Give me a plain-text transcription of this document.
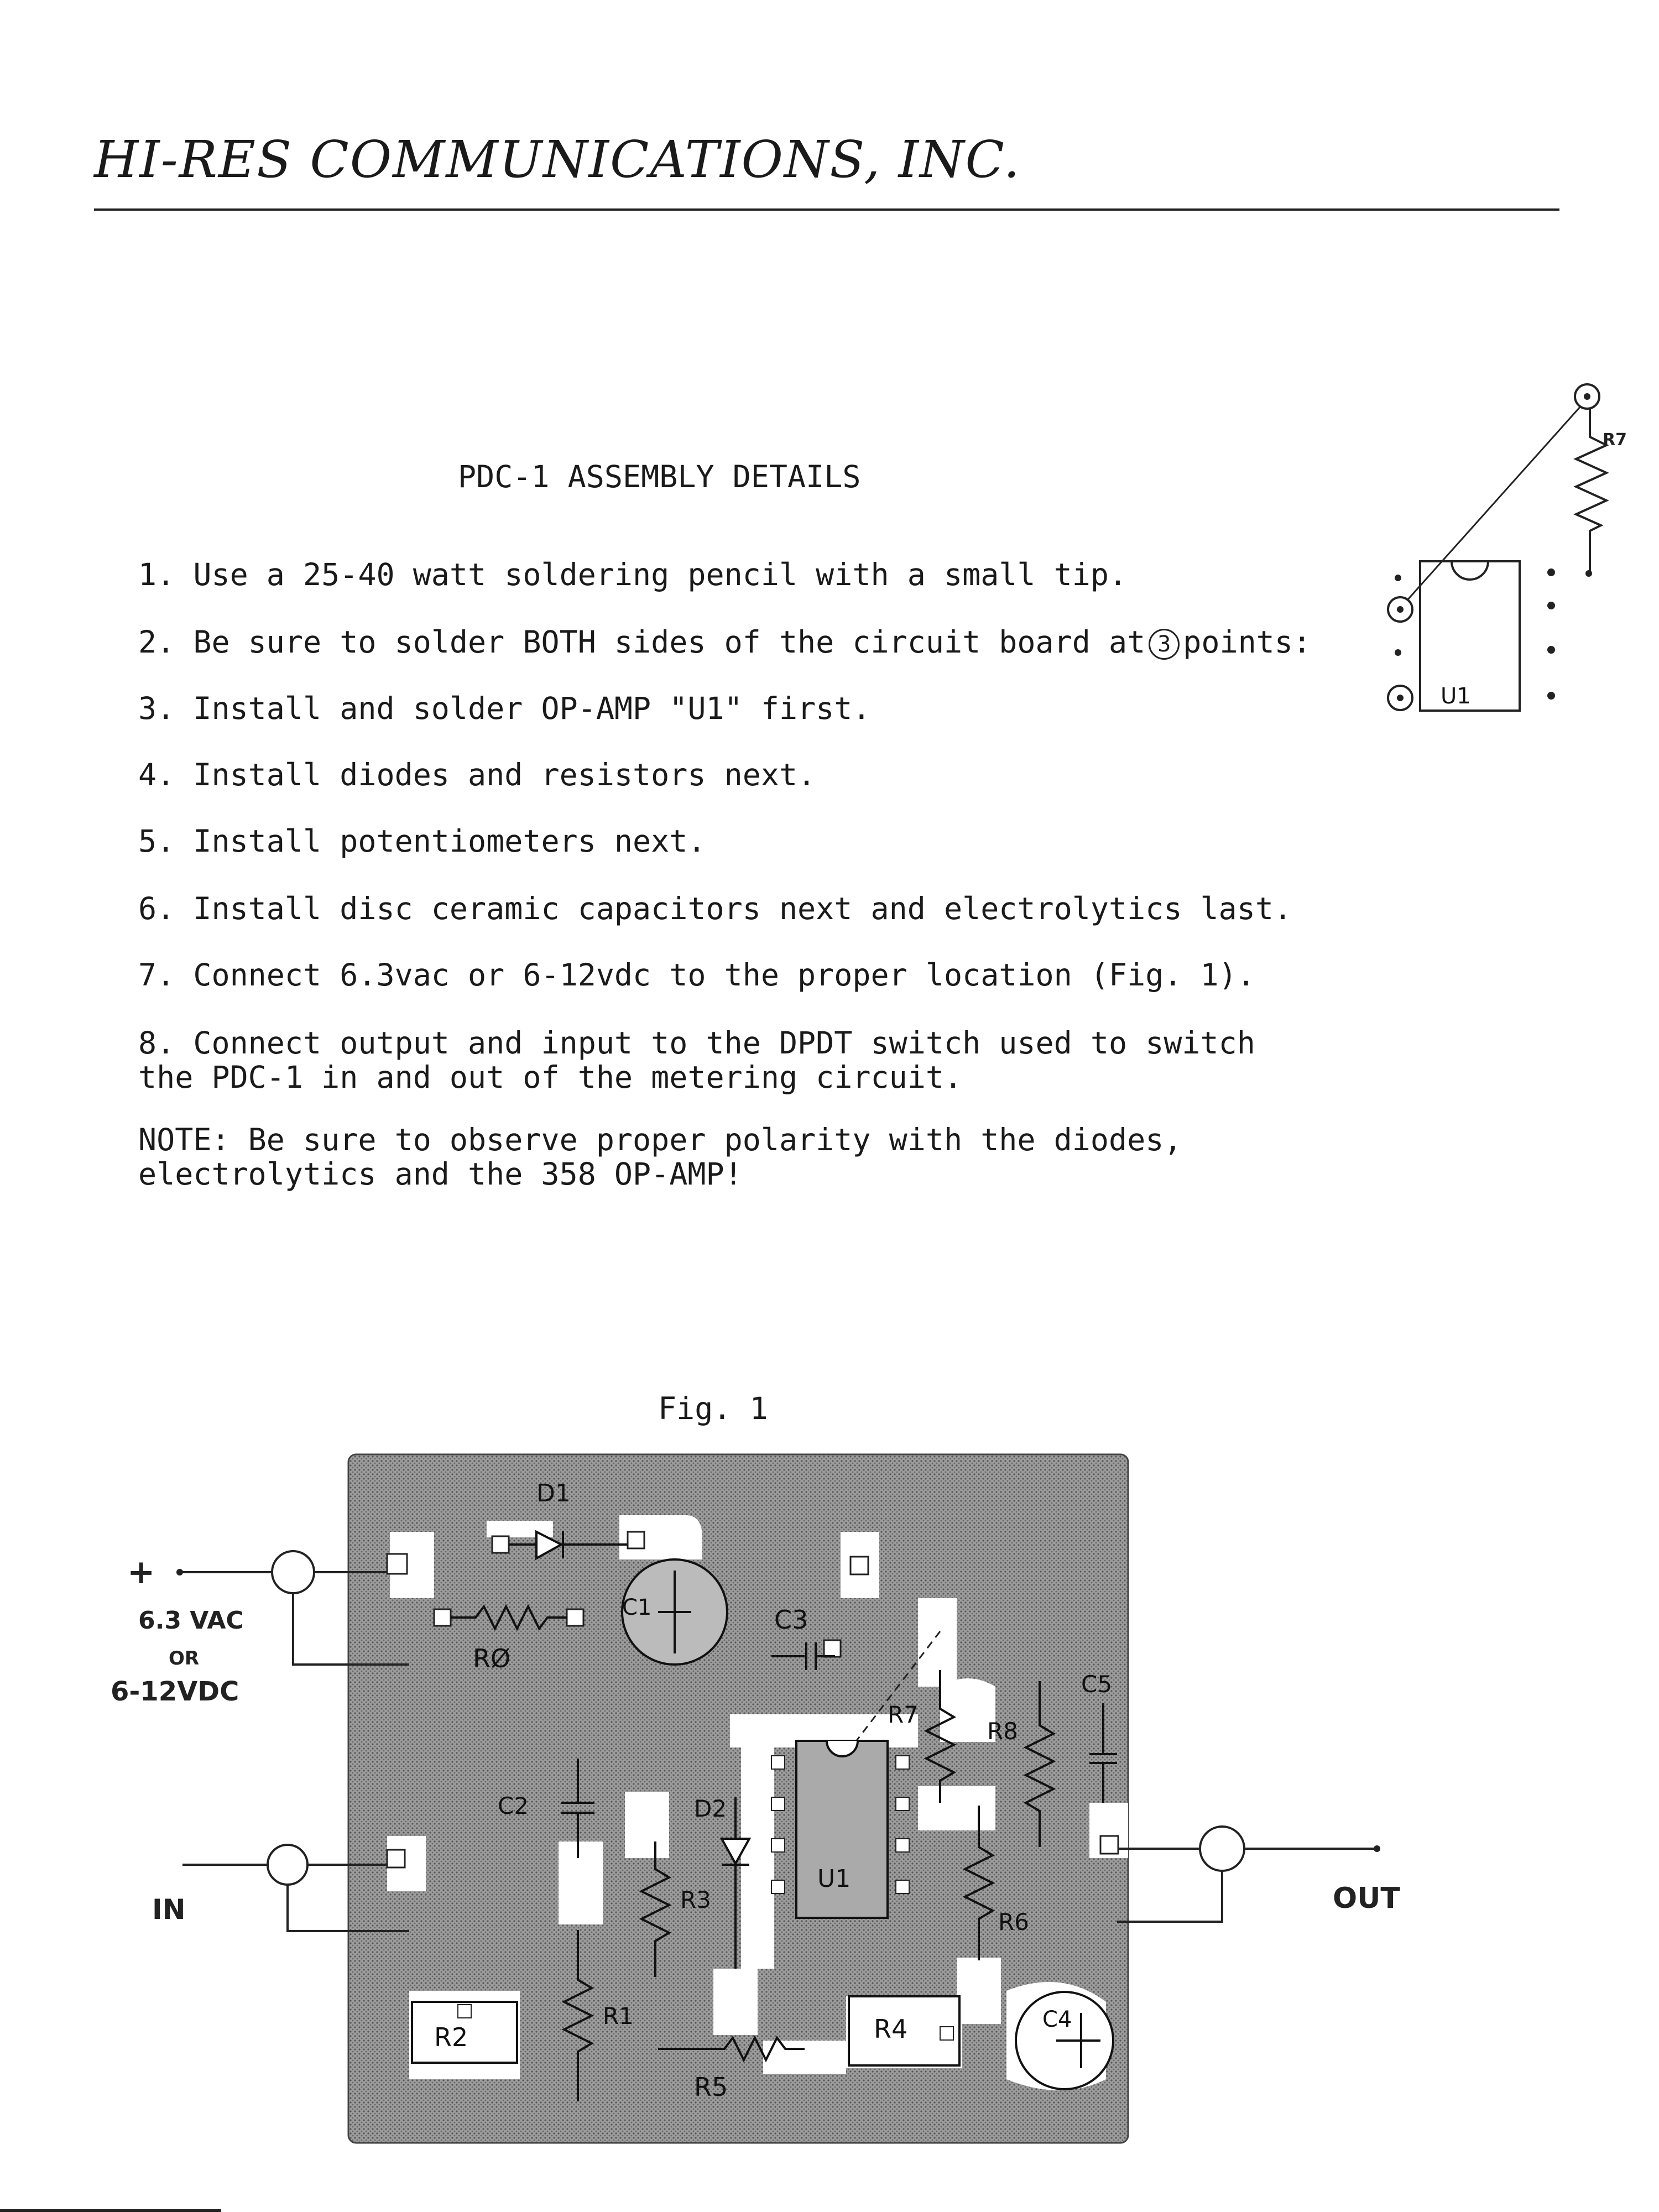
HI-RES COMMUNICATIONS, INC.
PDC-1 ASSEMBLY DETAILS
1. Use a 25-40 watt soldering pencil with a small tip.
2. Be sure to solder BOTH sides of the circuit board at 3 points:
3. Install and solder OP-AMP "U1" first.
4. Install diodes and resistors next.
5. Install potentiometers next.
6. Install disc ceramic capacitors next and electrolytics last.
7. Connect 6.3vac or 6-12vdc to the proper location (Fig. 1).
8. Connect output and input to the DPDT switch used to switch
the PDC-1 in and out of the metering circuit.
NOTE: Be sure to observe proper polarity with the diodes,
electrolytics and the 358 OP-AMP!
R7
U1
Fig. 1
+
6.3 VAC
OR
6-12VDC
IN	OUT
D1
RØ
C1	C3
R7
R8
C5
U1
C2	D2
R3
R6
R1
R2	R4
R5
C4
